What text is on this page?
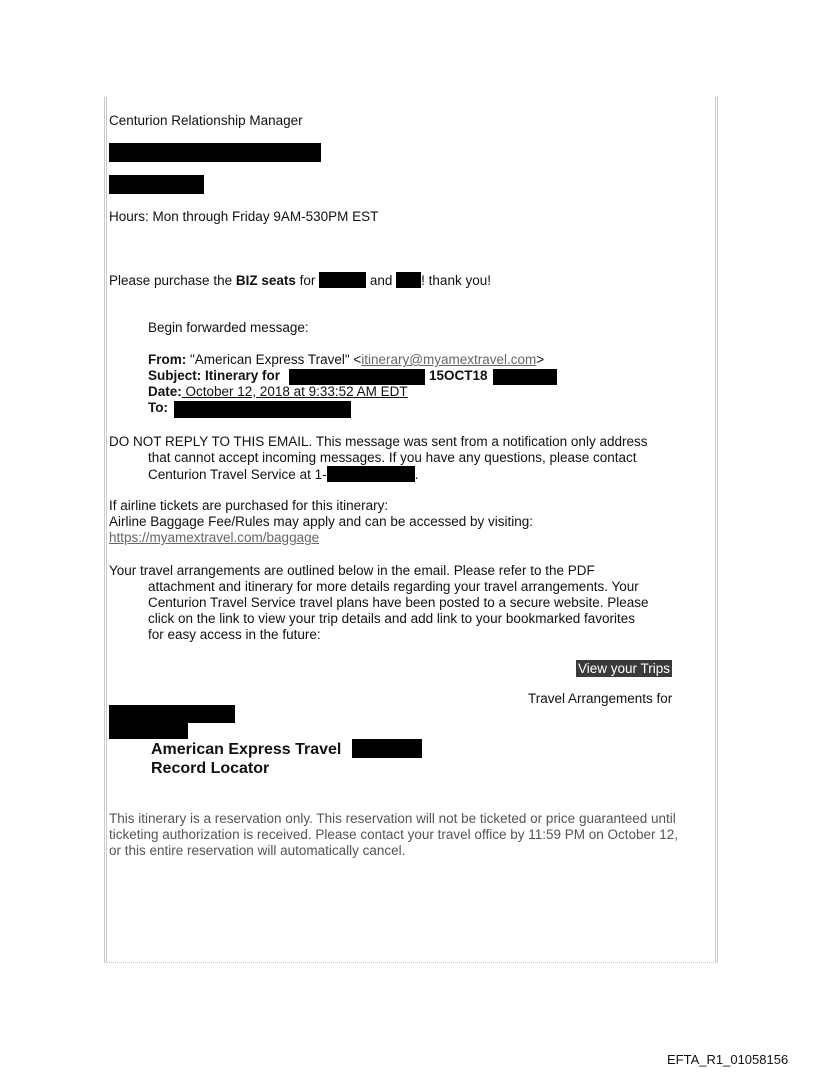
Centurion Relationship Manager
Hours: Mon through Friday 9AM-530PM EST
Please purchase the BIZ seats for	and ! thank you!
Begin forwarded message:
From: "American Express Travel" <itinerary@myamextravel.com>
Subject: Itinerary for	15OCT18
Date: October 12, 2018 at 9:33:52 AM EDT
To:
DO NOT REPLY TO THIS EMAIL. This message was sent from a notification only address
that cannot accept incoming messages. If you have any questions, please contact
Centurion Travel Service at 1-	.
If airline tickets are purchased for this itinerary:
Airline Baggage Fee/Rules may apply and can be accessed by visiting:
https://myamextravel.com/baggage
Your travel arrangements are outlined below in the email. Please refer to the PDF
attachment and itinerary for more details regarding your travel arrangements. Your
Centurion Travel Service travel plans have been posted to a secure website. Please
click on the link to view your trip details and add link to your bookmarked favorites
for easy access in the future:
View your Trips
Travel Arrangements for
American Express Travel
Record Locator
This itinerary is a reservation only. This reservation will not be ticketed or price guaranteed until
ticketing authorization is received. Please contact your travel office by 11:59 PM on October 12,
or this entire reservation will automatically cancel.
EFTA_R1_01058156
